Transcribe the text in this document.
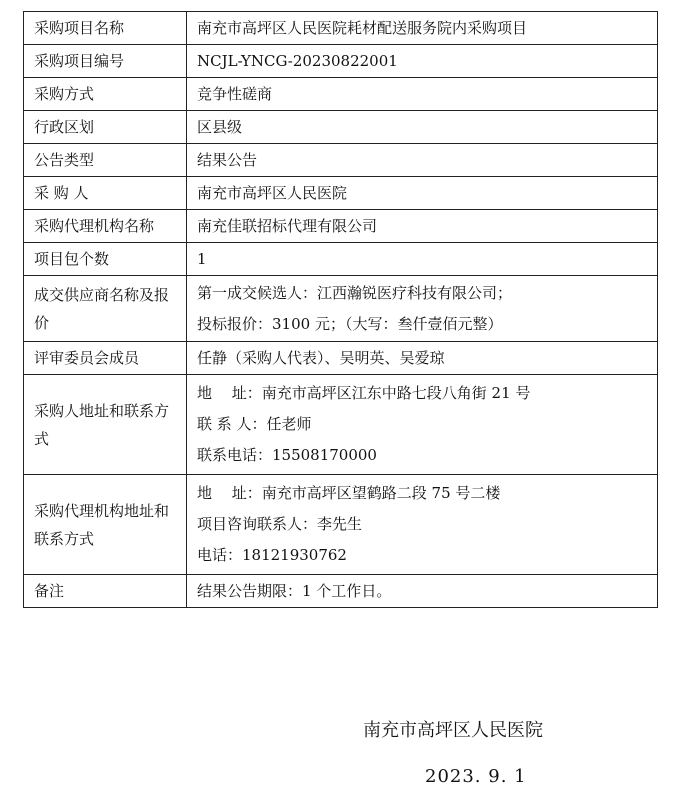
采购项目名称	南充市高坪区人民医院耗材配送服务院内采购项目
采购项目编号	NCJL-YNCG-20230822001
采购方式	竞争性磋商
行政区划	区县级
公告类型	结果公告
采 购 人	南充市高坪区人民医院
采购代理机构名称	南充佳联招标代理有限公司
项目包个数	1
成交供应商名称及报价	第一成交候选人：江西瀚锐医疗科技有限公司；
投标报价：3100 元；（大写：叁仟壹佰元整）

评审委员会成员	任静（采购人代表）、吴明英、吴爱琼
采购人地址和联系方式	地　 址：南充市高坪区江东中路七段八角街 21 号
联 系 人：任老师
联系电话：15508170000

采购代理机构地址和联系方式	地　 址：南充市高坪区望鹤路二段 75 号二楼
项目咨询联系人：李先生
电话：18121930762

备注	结果公告期限：1 个工作日。
南充市高坪区人民医院
2023. 9. 1
